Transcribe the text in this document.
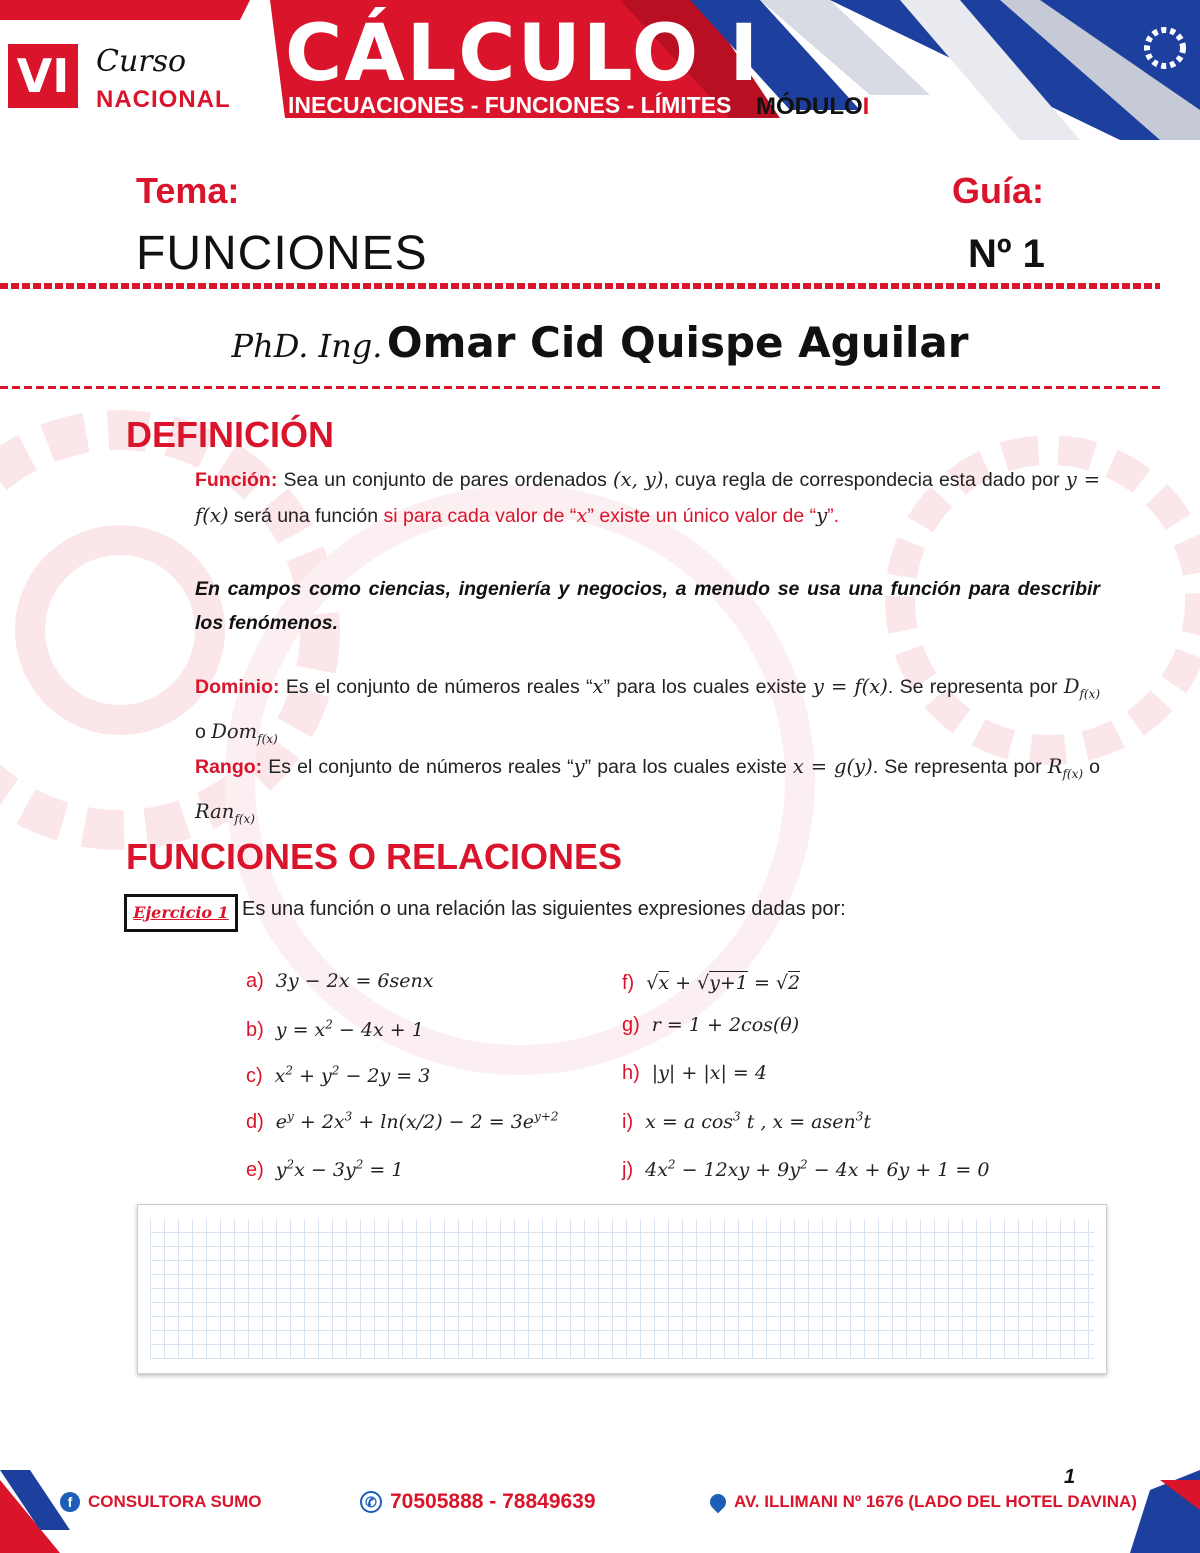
VI Curso
NACIONAL
CÁLCULO I
INECUACIONES - FUNCIONES - LÍMITES MÓDULOI
Tema:
FUNCIONES
Guía:
Nº 1
PhD. Ing. Omar Cid Quispe Aguilar
DEFINICIÓN
Función: Sea un conjunto de pares ordenados (x, y), cuya regla de correspondecia esta dado por y = f(x) será una función si para cada valor de “x” existe un único valor de “y”.
En campos como ciencias, ingeniería y negocios, a menudo se usa una función para describir los fenómenos.
Dominio: Es el conjunto de números reales “x” para los cuales existe y = f(x). Se representa por $D_{f(x)}$ o Dom$_{f(x)}$
Rango: Es el conjunto de números reales “y” para los cuales existe x = g(y). Se representa por $R_{f(x)}$ o Ran$_{f(x)}$
FUNCIONES O RELACIONES
Ejercicio 1 Es una función o una relación las siguientes expresiones dadas por:
a) 3y − 2x = 6senx
b) $y = x^2 - 4x + 1$
c) $x^2 + y^2 - 2y = 3$
d) $e^y + 2x^3 + \ln(x/2) - 2 = 3e^{y+2}$
e) $y^2x - 3y^2 = 1$
f) √x + √y+1 = √2
g) r = 1 + 2cos(θ)
h) |y| + |x| = 4
i) x = a $\cos^3 t$ , x = asen$^3$t
j) $4x^2 - 12xy + 9y^2 - 4x + 6y + 1 = 0$
1
f CONSULTORA SUMO	✆ 70505888 - 78849639	AV. ILLIMANI Nº 1676 (LADO DEL HOTEL DAVINA)
